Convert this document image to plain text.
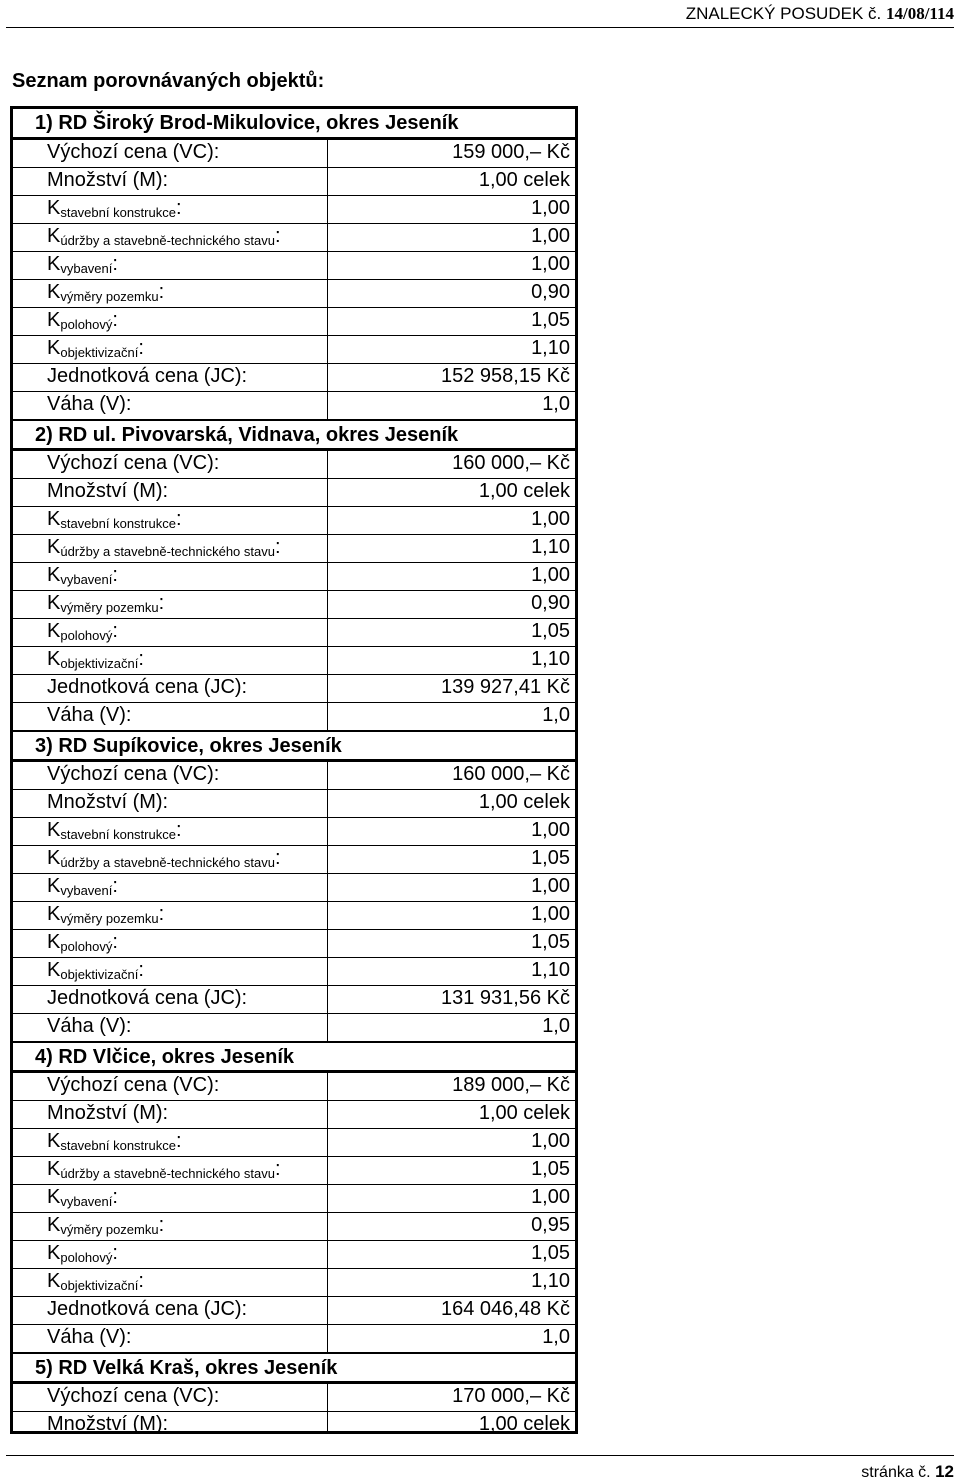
ZNALECKÝ POSUDEK č. 14/08/114
Seznam porovnávaných objektů:
1) RD Široký Brod-Mikulovice, okres Jeseník
Výchozí cena (VC):	159 000,– Kč
Množství (M):	1,00 celek
$K_{stavební konstrukce}$:	1,00
$K_{údržby a stavebně-technického stavu}$:	1,00
$K_{vybavení}$:	1,00
$K_{výměry pozemku}$:	0,90
$K_{polohový}$:	1,05
$K_{objektivizační}$:	1,10
Jednotková cena (JC):	152 958,15 Kč
Váha (V):	1,0
2) RD ul. Pivovarská, Vidnava, okres Jeseník
Výchozí cena (VC):	160 000,– Kč
Množství (M):	1,00 celek
$K_{stavební konstrukce}$:	1,00
$K_{údržby a stavebně-technického stavu}$:	1,10
$K_{vybavení}$:	1,00
$K_{výměry pozemku}$:	0,90
$K_{polohový}$:	1,05
$K_{objektivizační}$:	1,10
Jednotková cena (JC):	139 927,41 Kč
Váha (V):	1,0
3) RD Supíkovice, okres Jeseník
Výchozí cena (VC):	160 000,– Kč
Množství (M):	1,00 celek
$K_{stavební konstrukce}$:	1,00
$K_{údržby a stavebně-technického stavu}$:	1,05
$K_{vybavení}$:	1,00
$K_{výměry pozemku}$:	1,00
$K_{polohový}$:	1,05
$K_{objektivizační}$:	1,10
Jednotková cena (JC):	131 931,56 Kč
Váha (V):	1,0
4) RD Vlčice, okres Jeseník
Výchozí cena (VC):	189 000,– Kč
Množství (M):	1,00 celek
$K_{stavební konstrukce}$:	1,00
$K_{údržby a stavebně-technického stavu}$:	1,05
$K_{vybavení}$:	1,00
$K_{výměry pozemku}$:	0,95
$K_{polohový}$:	1,05
$K_{objektivizační}$:	1,10
Jednotková cena (JC):	164 046,48 Kč
Váha (V):	1,0
5) RD Velká Kraš, okres Jeseník
Výchozí cena (VC):	170 000,– Kč
Množství (M):	1,00 celek
stránka č. 12
